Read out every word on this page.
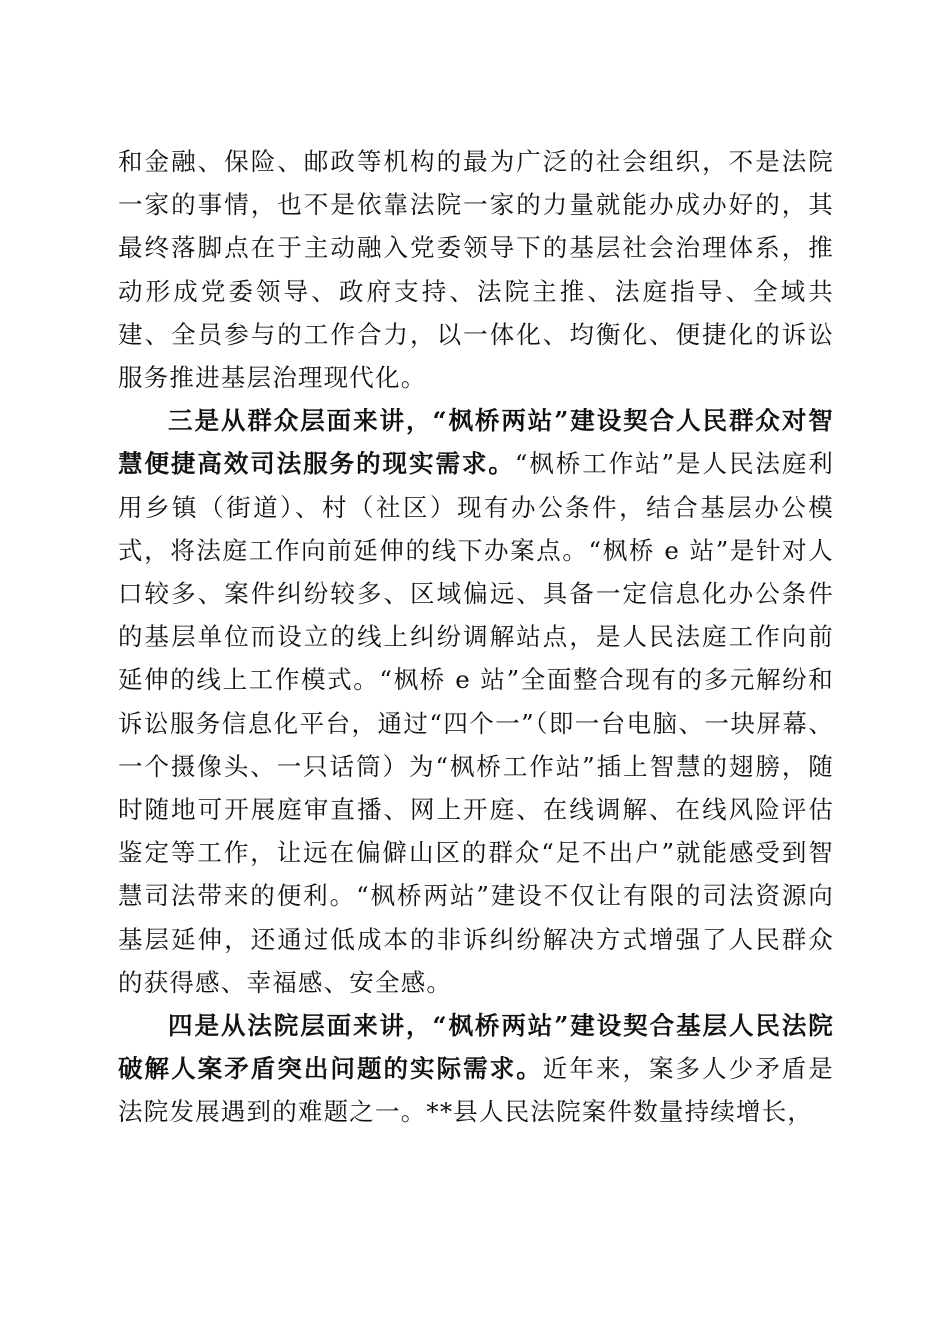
和金融、保险、邮政等机构的最为广泛的社会组织，不是法院一家的事情，也不是依靠法院一家的力量就能办成办好的，其最终落脚点在于主动融入党委领导下的基层社会治理体系，推动形成党委领导、政府支持、法院主推、法庭指导、全域共建、全员参与的工作合力，以一体化、均衡化、便捷化的诉讼服务推进基层治理现代化。

三是从群众层面来讲，“枫桥两站”建设契合人民群众对智慧便捷高效司法服务的现实需求。“枫桥工作站”是人民法庭利用乡镇（街道）、村（社区）现有办公条件，结合基层办公模式，将法庭工作向前延伸的线下办案点。“枫桥 e 站”是针对人口较多、案件纠纷较多、区域偏远、具备一定信息化办公条件的基层单位而设立的线上纠纷调解站点，是人民法庭工作向前延伸的线上工作模式。“枫桥 e 站”全面整合现有的多元解纷和诉讼服务信息化平台，通过“四个一”（即一台电脑、一块屏幕、一个摄像头、一只话筒）为“枫桥工作站”插上智慧的翅膀，随时随地可开展庭审直播、网上开庭、在线调解、在线风险评估鉴定等工作，让远在偏僻山区的群众“足不出户”就能感受到智慧司法带来的便利。“枫桥两站”建设不仅让有限的司法资源向基层延伸，还通过低成本的非诉纠纷解决方式增强了人民群众的获得感、幸福感、安全感。

四是从法院层面来讲，“枫桥两站”建设契合基层人民法院破解人案矛盾突出问题的实际需求。近年来，案多人少矛盾是法院发展遇到的难题之一。**县人民法院案件数量持续增长，
